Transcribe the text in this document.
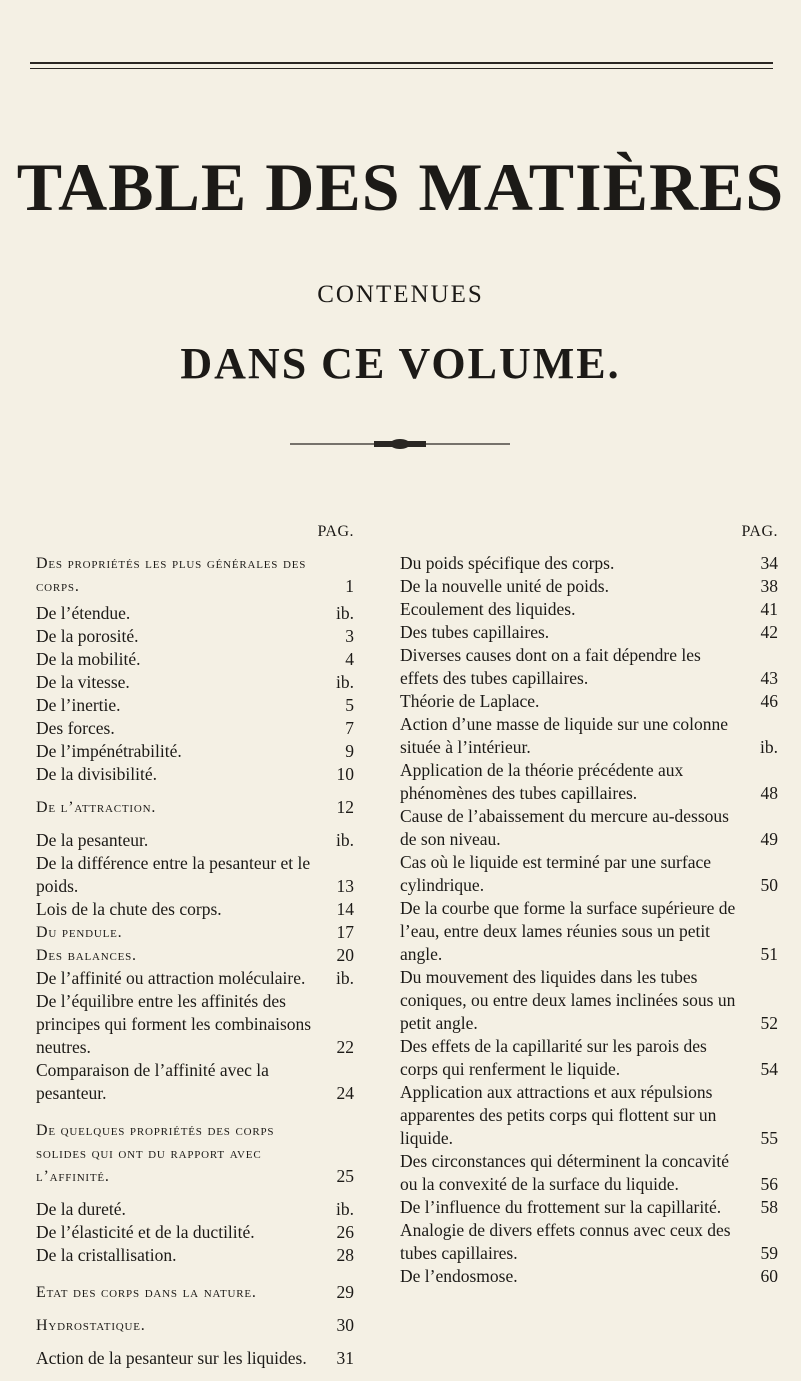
TABLE DES MATIÈRES
CONTENUES
DANS CE VOLUME.
PAG.
Des propriétés les plus générales des corps.	1
De l’étendue.	ib.
De la porosité.	3
De la mobilité.	4
De la vitesse.	ib.
De l’inertie.	5
Des forces.	7
De l’impénétrabilité.	9
De la divisibilité.	10
De l’attraction.	12
De la pesanteur.	ib.
De la différence entre la pesanteur et le poids.	13
Lois de la chute des corps.	14
Du pendule.	17
Des balances.	20
De l’affinité ou attraction moléculaire.	ib.
De l’équilibre entre les affinités des principes qui forment les combinaisons neutres.	22
Comparaison de l’affinité avec la pesanteur.	24
De quelques propriétés des corps solides qui ont du rapport avec l’affinité.	25
De la dureté.	ib.
De l’élasticité et de la ductilité.	26
De la cristallisation.	28
Etat des corps dans la nature.	29
Hydrostatique.	30
Action de la pesanteur sur les liquides.	31
PAG.
Du poids spécifique des corps.	34
De la nouvelle unité de poids.	38
Ecoulement des liquides.	41
Des tubes capillaires.	42
Diverses causes dont on a fait dépendre les effets des tubes capillaires.	43
Théorie de Laplace.	46
Action d’une masse de liquide sur une colonne située à l’intérieur.	ib.
Application de la théorie précédente aux phénomènes des tubes capillaires.	48
Cause de l’abaissement du mercure au-dessous de son niveau.	49
Cas où le liquide est terminé par une surface cylindrique.	50
De la courbe que forme la surface supérieure de l’eau, entre deux lames réunies sous un petit angle.	51
Du mouvement des liquides dans les tubes coniques, ou entre deux lames inclinées sous un petit angle.	52
Des effets de la capillarité sur les parois des corps qui renferment le liquide.	54
Application aux attractions et aux répulsions apparentes des petits corps qui flottent sur un liquide.	55
Des circonstances qui déterminent la concavité ou la convexité de la surface du liquide.	56
De l’influence du frottement sur la capillarité.	58
Analogie de divers effets connus avec ceux des tubes capillaires.	59
De l’endosmose.	60
